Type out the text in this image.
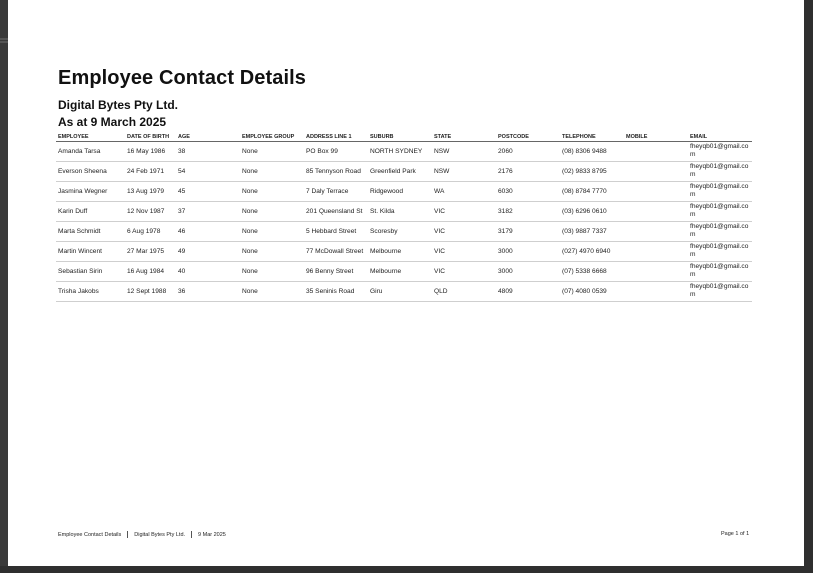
Employee Contact Details
Digital Bytes Pty Ltd.
As at 9 March 2025
EMPLOYEE	DATE OF BIRTH	AGE	EMPLOYEE GROUP	ADDRESS LINE 1	SUBURB	STATE	POSTCODE	TELEPHONE	MOBILE	EMAIL
Amanda Tarsa	16 May 1986	38	None	PO Box 99	NORTH SYDNEY	NSW	2060	(08) 8306 9488		fheyqb01@gmail.com
Everson Sheena	24 Feb 1971	54	None	85 Tennyson Road	Greenfield Park	NSW	2176	(02) 9833 8795		fheyqb01@gmail.com
Jasmina Wegner	13 Aug 1979	45	None	7 Daly Terrace	Ridgewood	WA	6030	(08) 8784 7770		fheyqb01@gmail.com
Karin Duff	12 Nov 1987	37	None	201 Queensland St	St. Kilda	VIC	3182	(03) 6296 0610		fheyqb01@gmail.com
Marta Schmidt	6 Aug 1978	46	None	5 Hebbard Street	Scoresby	VIC	3179	(03) 9887 7337		fheyqb01@gmail.com
Martin Wincent	27 Mar 1975	49	None	77 McDowall Street	Melbourne	VIC	3000	(027) 4970 6940		fheyqb01@gmail.com
Sebastian Sirin	16 Aug 1984	40	None	96 Benny Street	Melbourne	VIC	3000	(07) 5338 6668		fheyqb01@gmail.com
Trisha Jakobs	12 Sept 1988	36	None	35 Seninis Road	Giru	QLD	4809	(07) 4080 0539		fheyqb01@gmail.com
Employee Contact Details Digital Bytes Pty Ltd. 9 Mar 2025	Page 1 of 1
